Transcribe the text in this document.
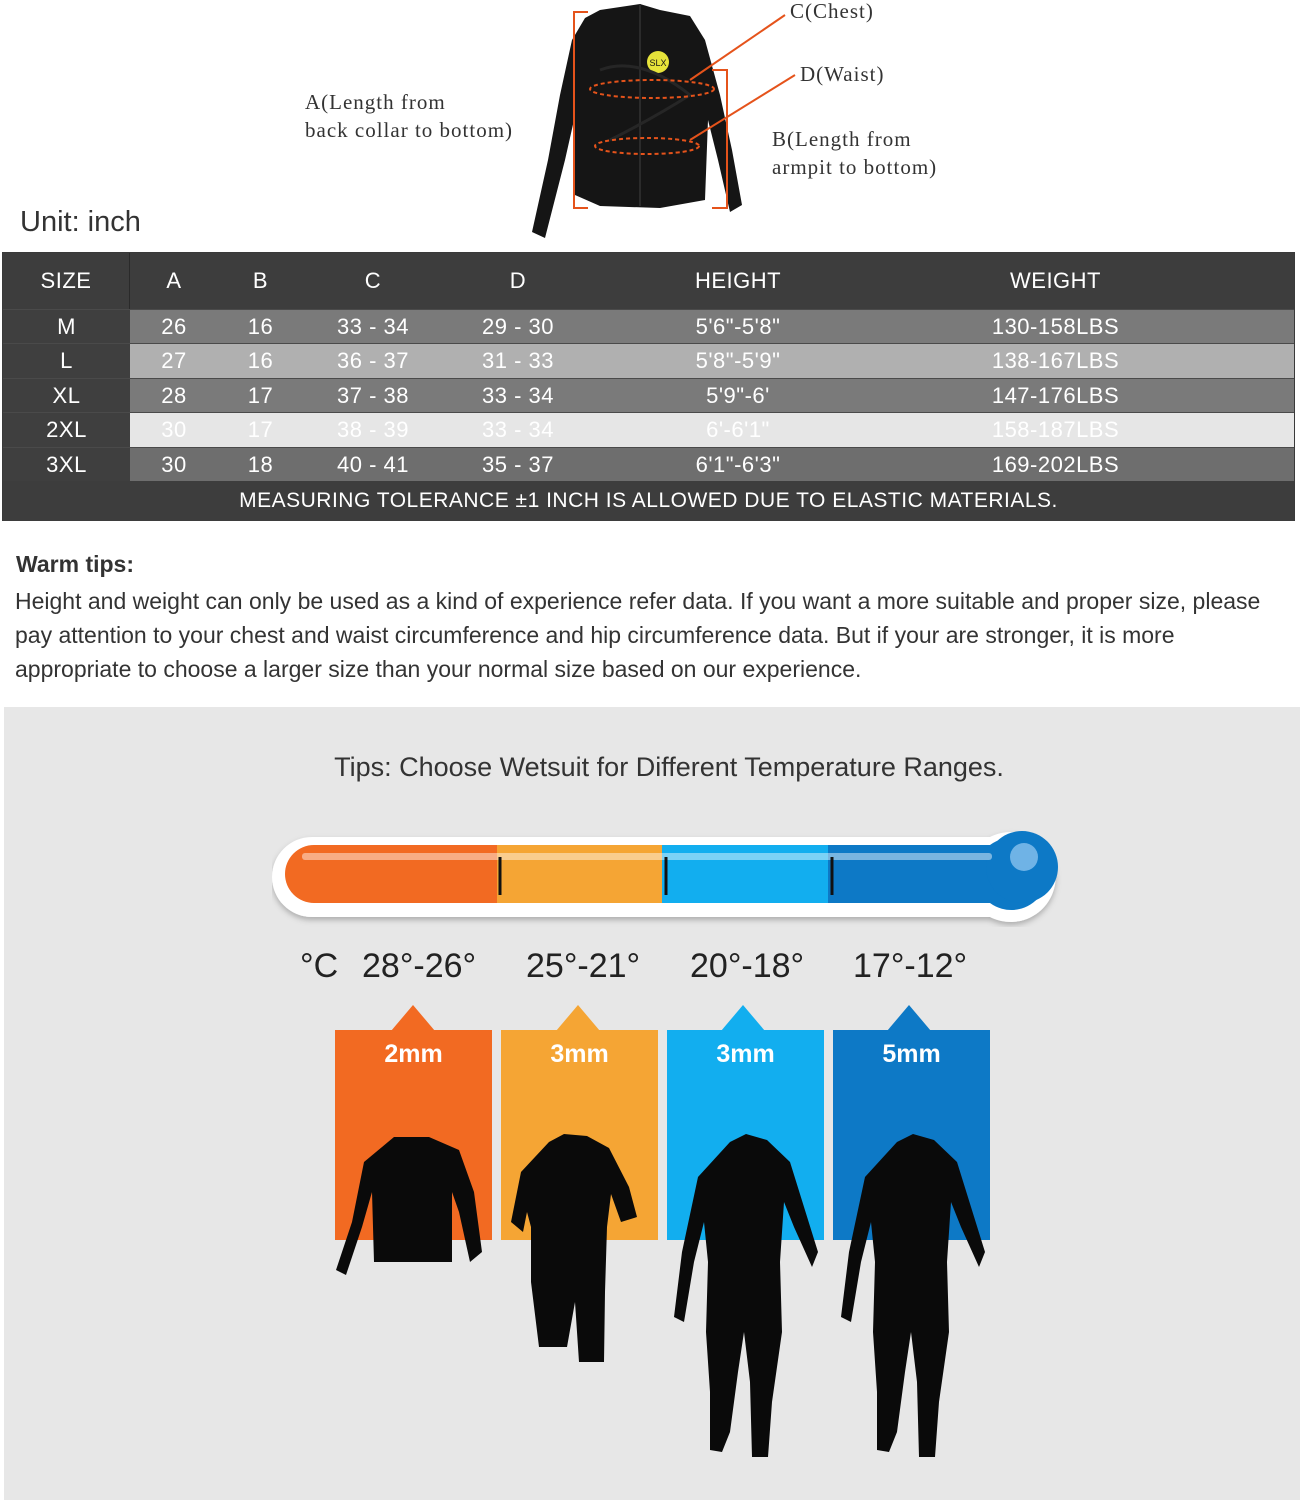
SLX
C(Chest)
D(Waist)
A(Length from
back collar to bottom)	B(Length from
armpit to bottom)
Unit: inch
SIZE	A	B	C	D	HEIGHT	WEIGHT
M	26	16	33 - 34	29 - 30	5'6"-5'8"	130-158LBS
L	27	16	36 - 37	31 - 33	5'8"-5'9"	138-167LBS
XL	28	17	37 - 38	33 - 34	5'9"-6'	147-176LBS
2XL	30	17	38 - 39	33 - 34	6'-6'1"	158-187LBS
3XL	30	18	40 - 41	35 - 37	6'1"-6'3"	169-202LBS
MEASURING TOLERANCE ±1 INCH IS ALLOWED DUE TO ELASTIC MATERIALS.
Warm tips:
Height and weight can only be used as a kind of experience refer data. If you want a more suitable and proper size, please pay attention to your chest and waist circumference and hip circumference data. But if your are stronger, it is more appropriate to choose a larger size than your normal size based on our experience.
Tips: Choose Wetsuit for Different Temperature Ranges.
°C 28°-26° 25°-21° 20°-18° 17°-12°
2mm	3mm	3mm	5mm
